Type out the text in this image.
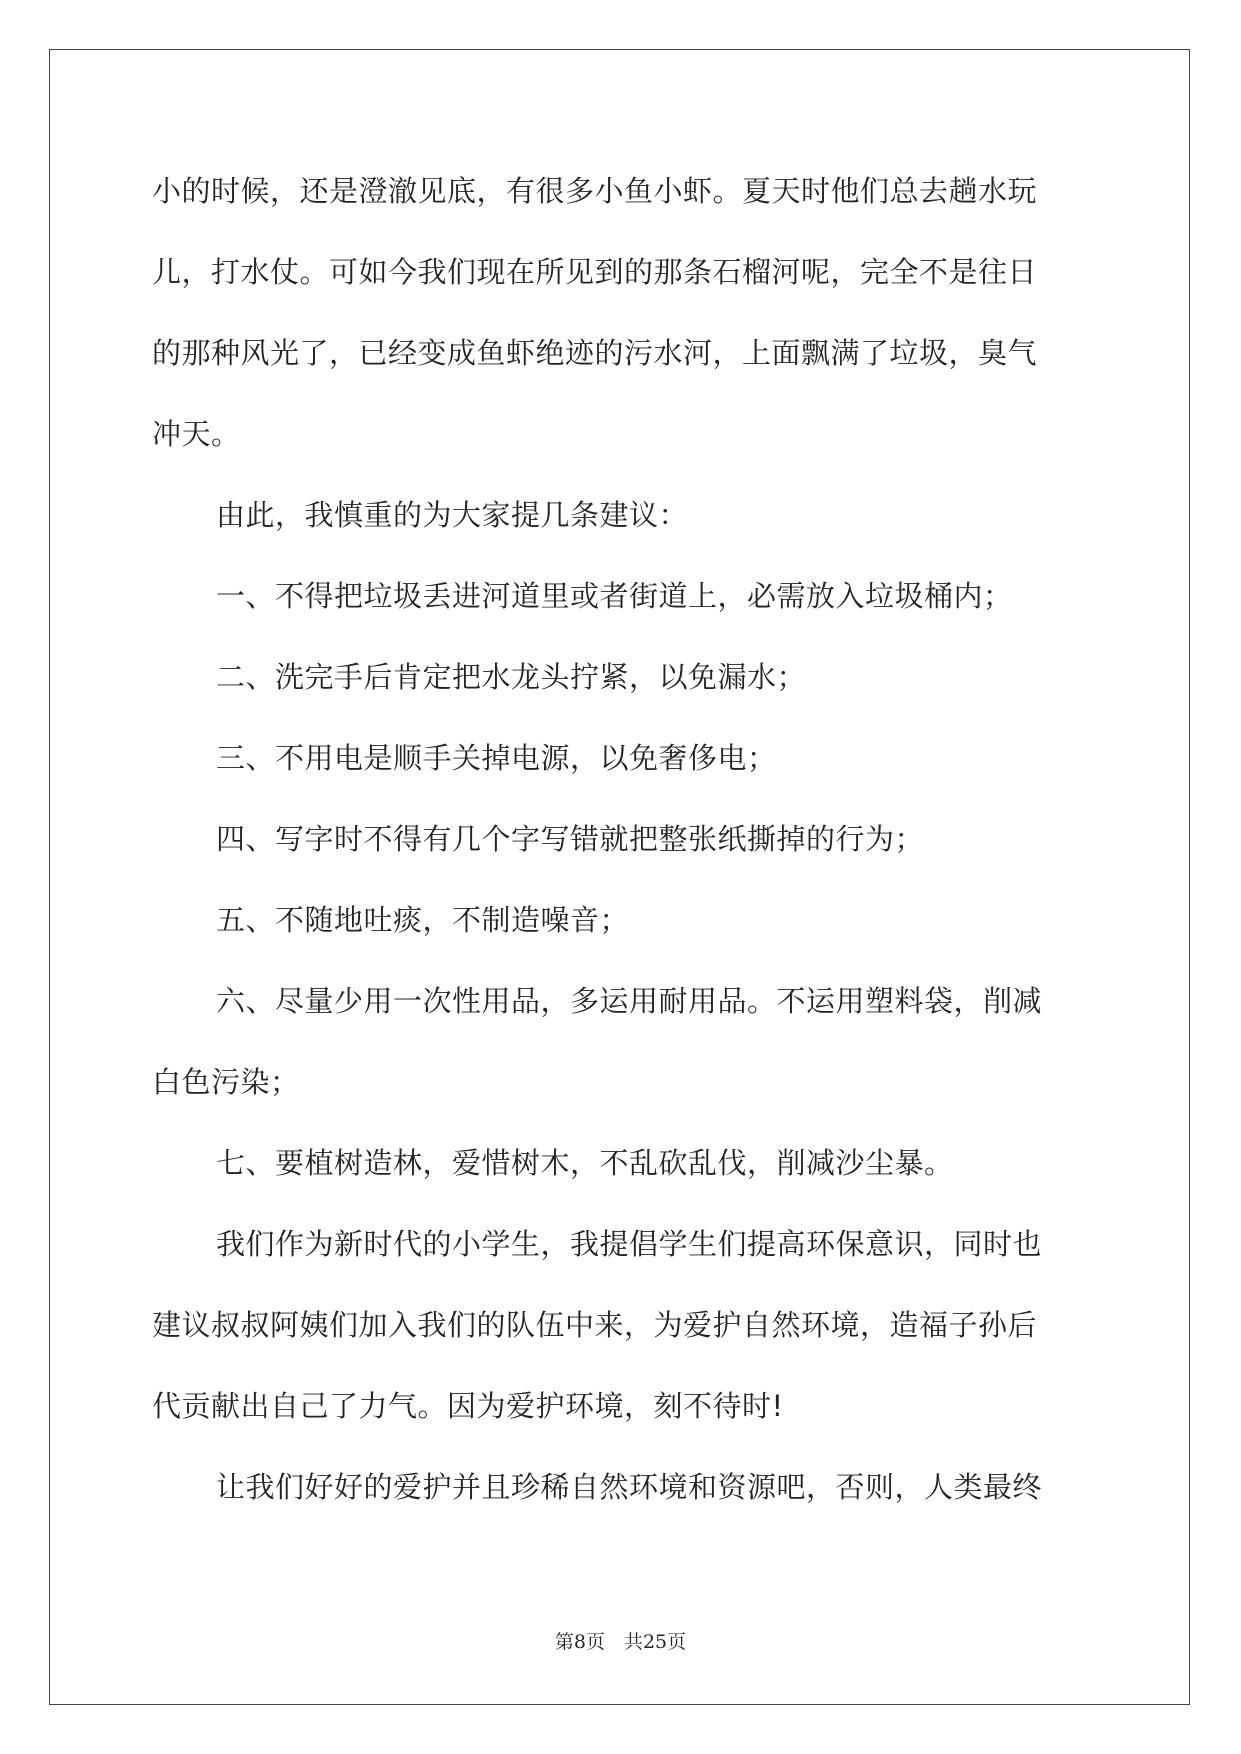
小的时候，还是澄澈见底，有很多小鱼小虾。夏天时他们总去趟水玩
儿，打水仗。可如今我们现在所见到的那条石榴河呢，完全不是往日
的那种风光了，已经变成鱼虾绝迹的污水河，上面飘满了垃圾，臭气
冲天。
由此，我慎重的为大家提几条建议：
一、不得把垃圾丢进河道里或者街道上，必需放入垃圾桶内；
二、洗完手后肯定把水龙头拧紧，以免漏水；
三、不用电是顺手关掉电源，以免奢侈电；
四、写字时不得有几个字写错就把整张纸撕掉的行为；
五、不随地吐痰，不制造噪音；
六、尽量少用一次性用品，多运用耐用品。不运用塑料袋，削减
白色污染；
七、要植树造林，爱惜树木，不乱砍乱伐，削减沙尘暴。
我们作为新时代的小学生，我提倡学生们提高环保意识，同时也
建议叔叔阿姨们加入我们的队伍中来，为爱护自然环境，造福子孙后
代贡献出自己了力气。因为爱护环境，刻不待时!
让我们好好的爱护并且珍稀自然环境和资源吧，否则，人类最终
第8页　共25页
